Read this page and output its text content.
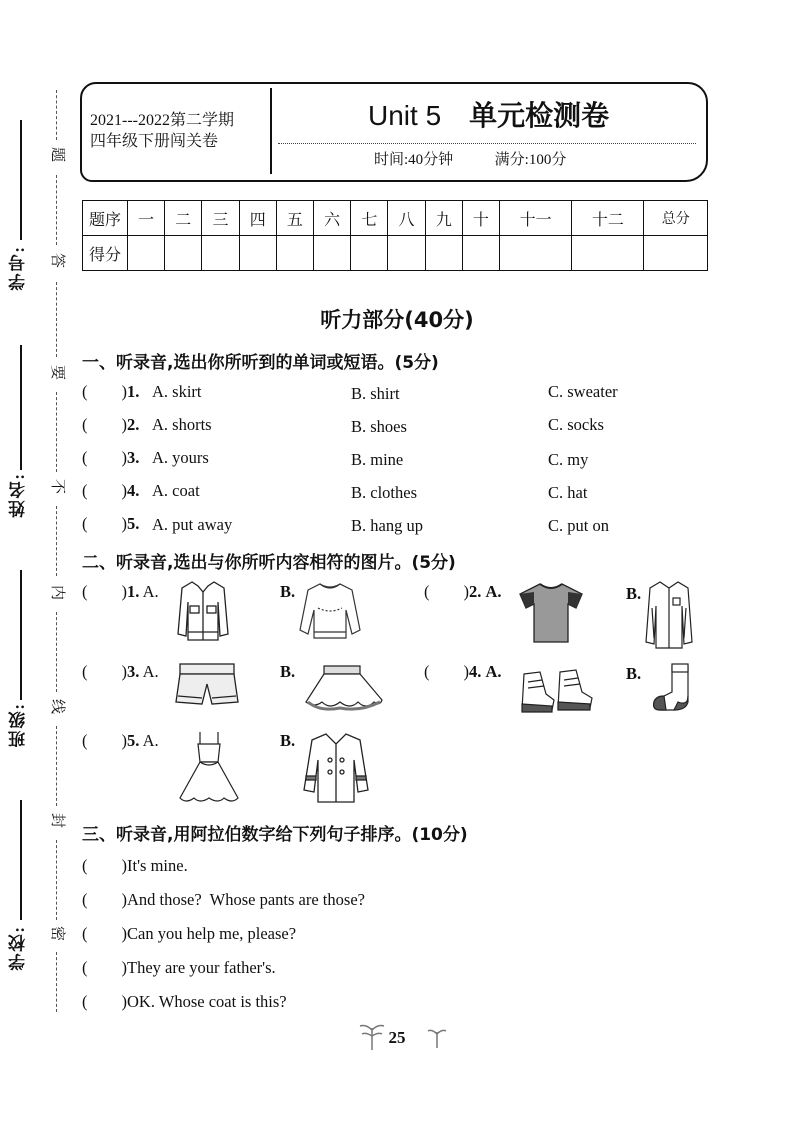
学号:
姓名:
班级:
学校:
题
答
要
不
内
线
封
密
2021---2022第二学期
四年级下册闯关卷
Unit 5 单元检测卷
时间:40分钟	满分:100分
题序	一	二	三	四	五	六	七	八	九	十	十一	十二	总分
得分													
听力部分(40分)
一、听录音,选出你所听到的单词或短语。(5分)
( )1. A. skirt	B. shirt	C. sweater
( )2. A. shorts	B. shoes	C. socks
( )3. A. yours	B. mine	C. my
( )4. A. coat	B. clothes	C. hat
( )5. A. put away	B. hang up	C. put on
二、听录音,选出与你所听内容相符的图片。(5分)
( )1. A.	B.	( )2. A.	B.
( )3. A.	B.	( )4. A.	B.
( )5. A.	B.
三、听录音,用阿拉伯数字给下列句子排序。(10分)
( )It's mine.
( )And those?  Whose pants are those?
( )Can you help me, please?
( )They are your father's.
( )OK. Whose coat is this?
25
